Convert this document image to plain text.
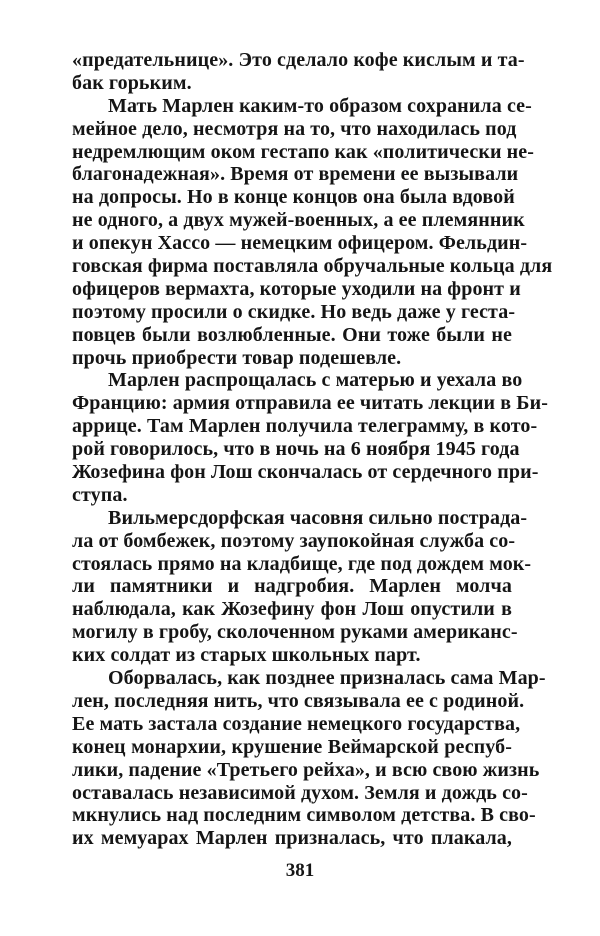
«предательнице». Это сделало кофе кислым и та-
бак горьким.
Мать Марлен каким-то образом сохранила се-
мейное дело, несмотря на то, что находилась под
недремлющим оком гестапо как «политически не-
благонадежная». Время от времени ее вызывали
на допросы. Но в конце концов она была вдовой
не одного, а двух мужей-военных, а ее племянник
и опекун Хассо — немецким офицером. Фельдин-
говская фирма поставляла обручальные кольца для
офицеров вермахта, которые уходили на фронт и
поэтому просили о скидке. Но ведь даже у геста-
повцев были возлюбленные. Они тоже были не
прочь приобрести товар подешевле.
Марлен распрощалась с матерью и уехала во
Францию: армия отправила ее читать лекции в Би-
аррице. Там Марлен получила телеграмму, в кото-
рой говорилось, что в ночь на 6 ноября 1945 года
Жозефина фон Лош скончалась от сердечного при-
ступа.
Вильмерсдорфская часовня сильно пострада-
ла от бомбежек, поэтому заупокойная служба со-
стоялась прямо на кладбище, где под дождем мок-
ли памятники и надгробия. Марлен молча
наблюдала, как Жозефину фон Лош опустили в
могилу в гробу, сколоченном руками американс-
ких солдат из старых школьных парт.
Оборвалась, как позднее призналась сама Мар-
лен, последняя нить, что связывала ее с родиной.
Ее мать застала создание немецкого государства,
конец монархии, крушение Веймарской респуб-
лики, падение «Третьего рейха», и всю свою жизнь
оставалась независимой духом. Земля и дождь со-
мкнулись над последним символом детства. В сво-
их мемуарах Марлен призналась, что плакала,
381
